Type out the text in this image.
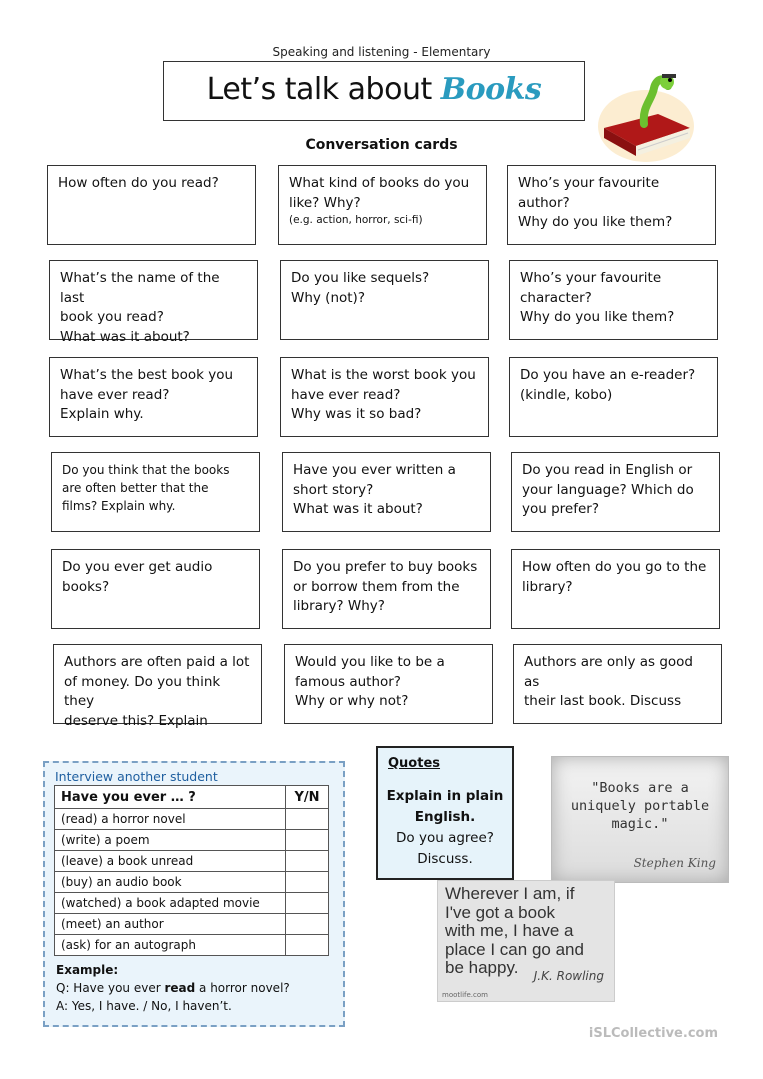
Speaking and listening - Elementary
Let’s talk about Books
Conversation cards
How often do you read?	What kind of books do you
like? Why?
(e.g. action, horror, sci-fi)
Who’s your favourite
author?
Why do you like them?
What’s the name of the last
book you read?
What was it about?
Do you like sequels?
Why (not)?
Who’s your favourite
character?
Why do you like them?
What’s the best book you
have ever read?
Explain why.
What is the worst book you
have ever read?
Why was it so bad?
Do you have an e-reader?
(kindle, kobo)
Do you think that the books
are often better that the
films? Explain why.
Have you ever written a
short story?
What was it about?
Do you read in English or
your language? Which do
you prefer?
Do you ever get audio
books?
Do you prefer to buy books
or borrow them from the
library? Why?
How often do you go to the
library?
Authors are often paid a lot
of money. Do you think they
deserve this? Explain
Would you like to be a
famous author?
Why or why not?
Authors are only as good as
their last book. Discuss
Interview another student
Have you ever … ?	Y/N
(read) a horror novel	
(write) a poem	
(leave) a book unread	
(buy) an audio book	
(watched) a book adapted movie	
(meet) an author	
(ask) for an autograph	
Example:
Q: Have you ever read a horror novel?
A: Yes, I have. / No, I haven’t.
Quotes
Explain in plain
English.
Do you agree?
Discuss.
"Books are a
uniquely portable
magic."
Stephen King
Wherever I am, if
I've got a book
with me, I have a
place I can go and
be happy.	J.K. Rowling
mootlife.com
iSLCollective.com
